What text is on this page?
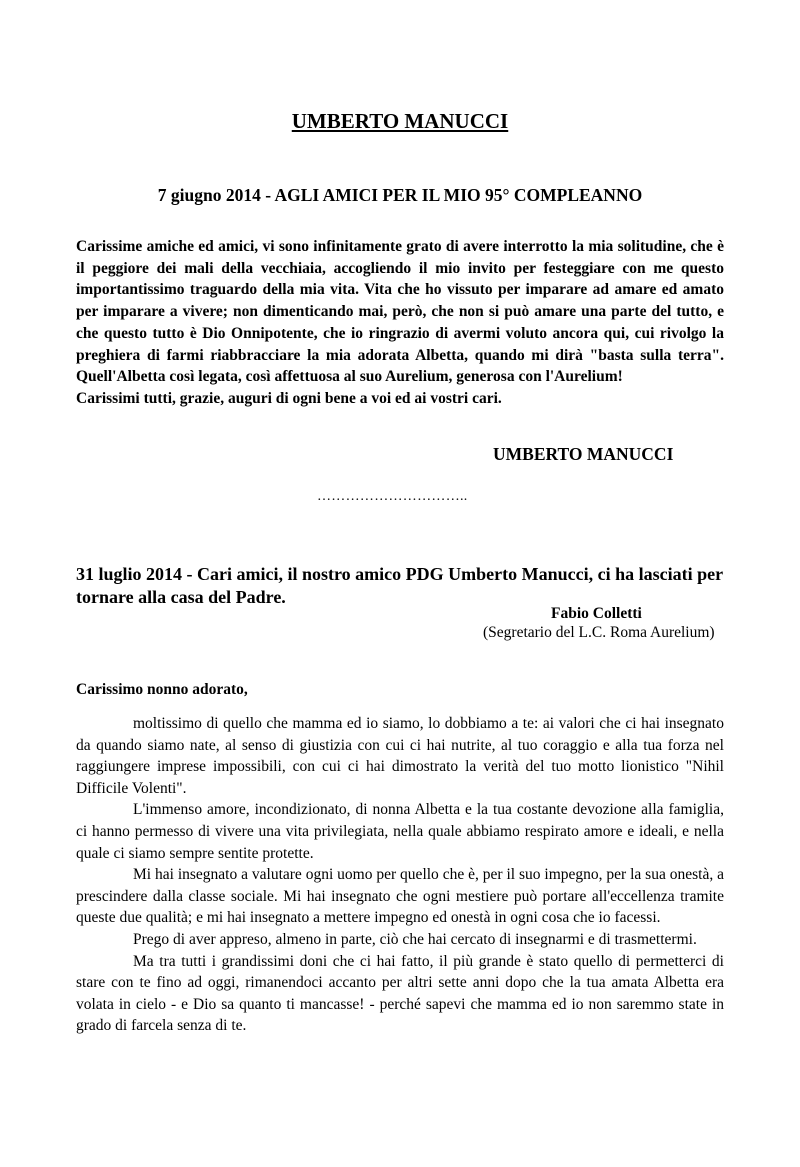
UMBERTO MANUCCI
7 giugno 2014 - AGLI AMICI PER IL MIO 95° COMPLEANNO

Carissime amiche ed amici, vi sono infinitamente grato di avere interrotto la mia solitudine, che è il peggiore dei mali della vecchiaia, accogliendo il mio invito per festeggiare con me questo importantissimo traguardo della mia vita. Vita che ho vissuto per imparare ad amare ed amato per imparare a vivere; non dimenticando mai, però, che non si può amare una parte del tutto, e che questo tutto è Dio Onnipotente, che io ringrazio di avermi voluto ancora qui, cui rivolgo la preghiera di farmi riabbracciare la mia adorata Albetta, quando mi dirà "basta sulla terra". Quell'Albetta così legata, così affettuosa al suo Aurelium, generosa con l'Aurelium!

Carissimi tutti, grazie, auguri di ogni bene a voi ed ai vostri cari.

UMBERTO MANUCCI
…………………………..

31 luglio 2014 - Cari amici, il nostro amico PDG Umberto Manucci, ci ha lasciati per tornare alla casa del Padre.

Fabio Colletti
(Segretario del L.C. Roma Aurelium)
Carissimo nonno adorato,

moltissimo di quello che mamma ed io siamo, lo dobbiamo a te: ai valori che ci hai insegnato da quando siamo nate, al senso di giustizia con cui ci hai nutrite, al tuo coraggio e alla tua forza nel raggiungere imprese impossibili, con cui ci hai dimostrato la verità del tuo motto lionistico "Nihil Difficile Volenti".

L'immenso amore, incondizionato, di nonna Albetta e la tua costante devozione alla famiglia, ci hanno permesso di vivere una vita privilegiata, nella quale abbiamo respirato amore e ideali, e nella quale ci siamo sempre sentite protette.

Mi hai insegnato a valutare ogni uomo per quello che è, per il suo impegno, per la sua onestà, a prescindere dalla classe sociale. Mi hai insegnato che ogni mestiere può portare all'eccellenza tramite queste due qualità; e mi hai insegnato a mettere impegno ed onestà in ogni cosa che io facessi.

Prego di aver appreso, almeno in parte, ciò che hai cercato di insegnarmi e di trasmettermi.

Ma tra tutti i grandissimi doni che ci hai fatto, il più grande è stato quello di permetterci di stare con te fino ad oggi, rimanendoci accanto per altri sette anni dopo che la tua amata Albetta era volata in cielo - e Dio sa quanto ti mancasse! - perché sapevi che mamma ed io non saremmo state in grado di farcela senza di te.
